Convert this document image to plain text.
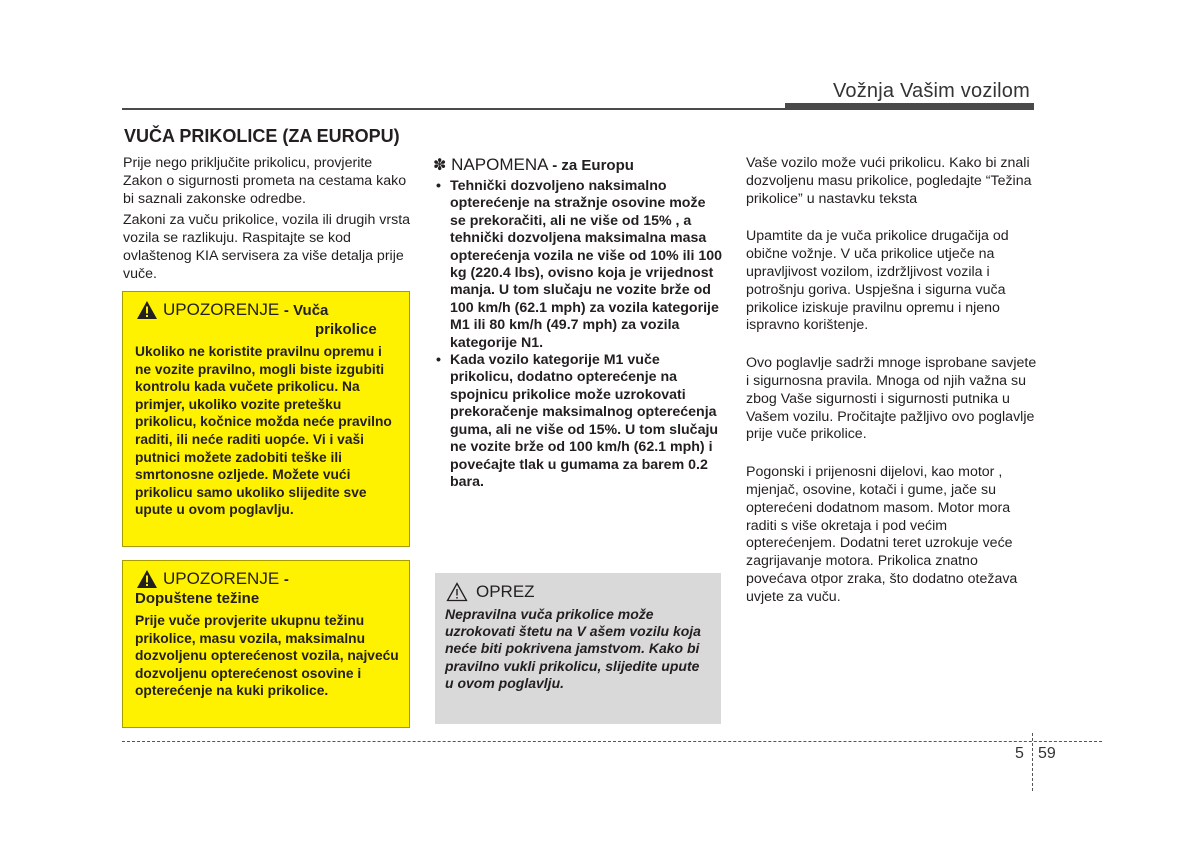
Vožnja Vašim vozilom
VUČA PRIKOLICE (ZA EUROPU)

Prije nego priključite prikolicu, provjerite Zakon o sigurnosti prometa na cestama kako bi saznali zakonske odredbe.

Zakoni za vuču prikolice, vozila ili drugih vrsta vozila se razlikuju. Raspitajte se kod ovlaštenog KIA servisera za više detalja prije vuče.

UPOZORENJE - Vuča
prikolice
Ukoliko ne koristite pravilnu opremu i ne vozite pravilno, mogli biste izgubiti kontrolu kada vučete prikolicu. Na primjer, ukoliko vozite pretešku prikolicu, kočnice možda neće pravilno raditi, ili neće raditi uopće. Vi i vaši putnici možete zadobiti teške ili smrtonosne ozljede. Možete vući prikolicu samo ukoliko slijedite sve upute u ovom poglavlju.
UPOZORENJE -
Dopuštene težine
Prije vuče provjerite ukupnu težinu prikolice, masu vozila, maksimalnu dozvoljenu opterećenost vozila, najveću dozvoljenu opterećenost osovine i opterećenje na kuki prikolice.
✽ NAPOMENA - za Europu
• Tehnički dozvoljeno naksimalno opterećenje na stražnje osovine može se prekoračiti, ali ne više od 15% , a tehnički dozvoljena maksimalna masa opterećenja vozila ne više od 10% ili 100 kg (220.4 lbs), ovisno koja je vrijednost manja. U tom slučaju ne vozite brže od 100 km/h (62.1 mph) za vozila kategorije M1 ili 80 km/h (49.7 mph) za vozila kategorije N1.
• Kada vozilo kategorije M1 vuče prikolicu, dodatno opterećenje na spojnicu prikolice može uzrokovati prekoračenje maksimalnog opterećenja guma, ali ne više od 15%. U tom slučaju ne vozite brže od 100 km/h (62.1 mph) i povećajte tlak u gumama za barem 0.2 bara.
OPREZ
Nepravilna vuča prikolice može uzrokovati štetu na V ašem vozilu koja neće biti pokrivena jamstvom. Kako bi pravilno vukli prikolicu, slijedite upute u ovom poglavlju.

Vaše vozilo može vući prikolicu. Kako bi znali dozvoljenu masu prikolice, pogledajte “Težina prikolice” u nastavku teksta

Upamtite da je vuča prikolice drugačija od obične vožnje. V uča prikolice utječe na upravljivost vozilom, izdržljivost vozila i potrošnju goriva. Uspješna i sigurna vuča prikolice iziskuje pravilnu opremu i njeno ispravno korištenje.

Ovo poglavlje sadrži mnoge isprobane savjete i sigurnosna pravila. Mnoga od njih važna su zbog Vaše sigurnosti i sigurnosti putnika u Vašem vozilu. Pročitajte pažljivo ovo poglavlje prije vuče prikolice.

Pogonski i prijenosni dijelovi, kao motor , mjenjač, osovine, kotači i gume, jače su opterećeni dodatnom masom. Motor mora raditi s više okretaja i pod većim opterećenjem. Dodatni teret uzrokuje veće zagrijavanje motora. Prikolica znatno povećava otpor zraka, što dodatno otežava uvjete za vuču.

5 59
